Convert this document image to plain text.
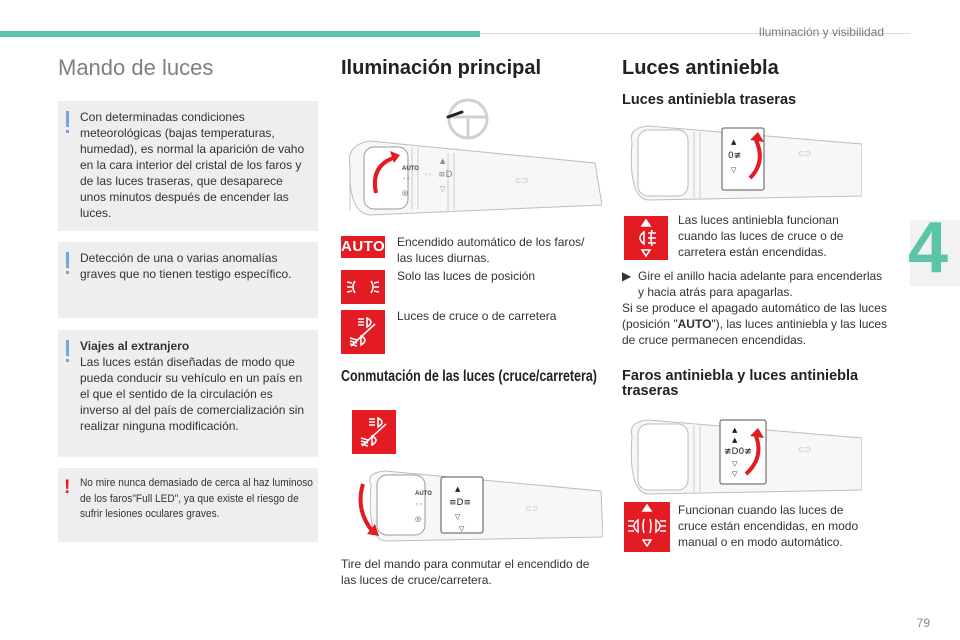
Iluminación y visibilidad
4
79
Mando de luces

Con determinadas condiciones meteorológicas (bajas temperaturas, humedad), es normal la aparición de vaho en la cara interior del cristal de los faros y de las luces traseras, que desaparece unos minutos después de encender las luces.

Detección de una o varias anomalías graves que no tienen testigo específico.

Viajes al extranjero
Las luces están diseñadas de modo que pueda conducir su vehículo en un país en el que el sentido de la circulación es inverso al del país de comercialización sin realizar ninguna modificación.

! No mire nunca demasiado de cerca al haz luminoso de los faros"Full LED", ya que existe el riesgo de sufrir lesiones oculares graves.

Iluminación principal
AUTO
◦◦
◎
◦◦
▲
≡D
▽
⊂⊃
AUTO Encendido automático de los faros/ las luces diurnas.
Solo las luces de posición
Luces de cruce o de carretera
Conmutación de las luces (cruce/carretera)
AUTO
◦◦
◎
▲
≡D≡
▽
▽
⊂⊃
Tire del mando para conmutar el encendido de las luces de cruce/carretera.
Luces antiniebla
Luces antiniebla traseras
▲
0≢
▽
⊂⊃
Las luces antiniebla funcionan cuando las luces de cruce o de carretera están encendidas.
▶ Gire el anillo hacia adelante para encenderlas y hacia atrás para apagarlas.
Si se produce el apagado automático de las luces (posición "AUTO"), las luces antiniebla y las luces de cruce permanecen encendidas.
Faros antiniebla y luces antiniebla traseras
▲
▲
≢D0≢
▽
▽
⊂⊃
Funcionan cuando las luces de cruce están encendidas, en modo manual o en modo automático.
